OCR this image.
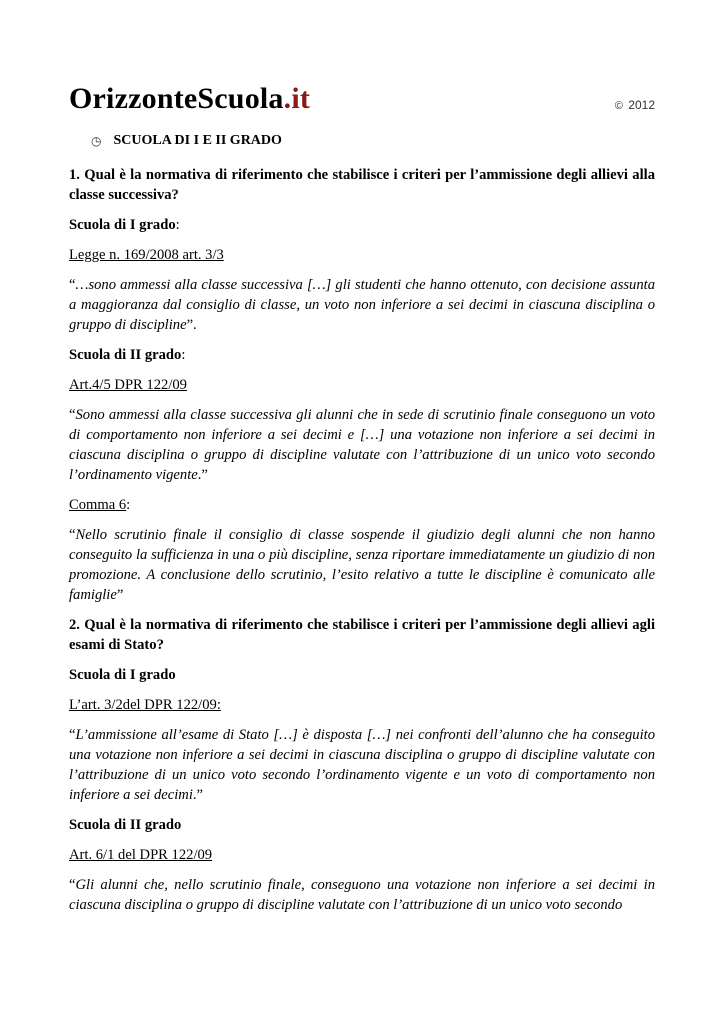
OrizzonteScuola.it	© 2012
◷ SCUOLA DI I E II GRADO

1. Qual è la normativa di riferimento che stabilisce i criteri per l’ammissione degli allievi alla classe successiva?

Scuola di I grado:

Legge n. 169/2008 art. 3/3

“…sono ammessi alla classe successiva […] gli studenti che hanno ottenuto, con decisione assunta a maggioranza dal consiglio di classe, un voto non inferiore a sei decimi in ciascuna disciplina o gruppo di discipline”.

Scuola di II grado:

Art.4/5 DPR 122/09

“Sono ammessi alla classe successiva gli alunni che in sede di scrutinio finale conseguono un voto di comportamento non inferiore a sei decimi e […] una votazione non inferiore a sei decimi in ciascuna disciplina o gruppo di discipline valutate con l’attribuzione di un unico voto secondo l’ordinamento vigente.”

Comma 6:

“Nello scrutinio finale il consiglio di classe sospende il giudizio degli alunni che non hanno conseguito la sufficienza in una o più discipline, senza riportare immediatamente un giudizio di non promozione. A conclusione dello scrutinio, l’esito relativo a tutte le discipline è comunicato alle famiglie”

2. Qual è la normativa di riferimento che stabilisce i criteri per l’ammissione degli allievi agli esami di Stato?

Scuola di I grado

L’art. 3/2del DPR 122/09:

“L’ammissione all’esame di Stato […] è disposta […] nei confronti dell’alunno che ha conseguito una votazione non inferiore a sei decimi in ciascuna disciplina o gruppo di discipline valutate con l’attribuzione di un unico voto secondo l’ordinamento vigente e un voto di comportamento non inferiore a sei decimi.”

Scuola di II grado

Art. 6/1 del DPR 122/09

“Gli alunni che, nello scrutinio finale, conseguono una votazione non inferiore a sei decimi in ciascuna disciplina o gruppo di discipline valutate con l’attribuzione di un unico voto secondo
